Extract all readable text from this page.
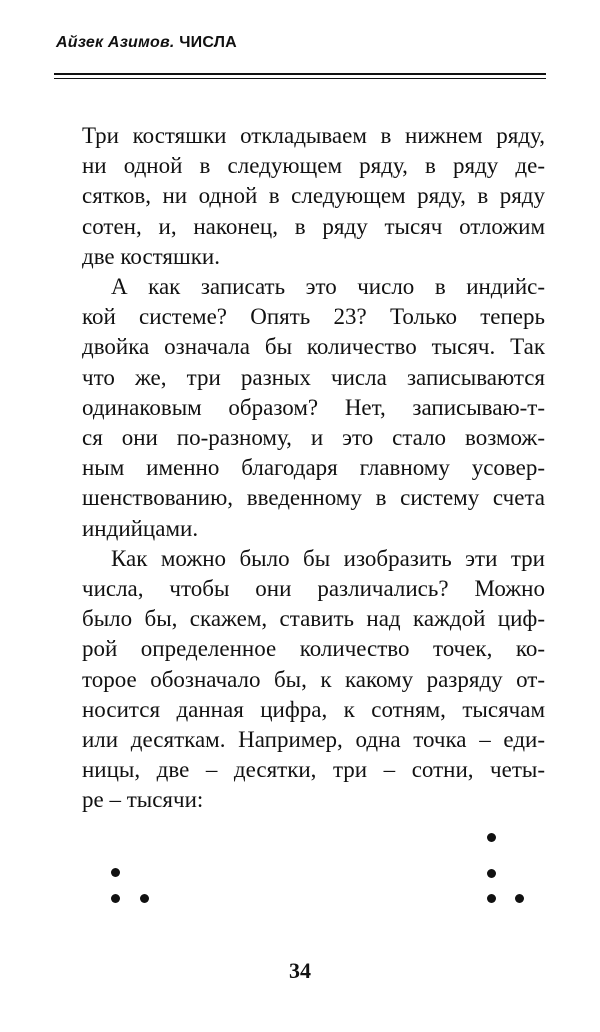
Айзек Азимов. ЧИСЛА
Три костяшки откладываем в нижнем ряду,
ни одной в следующем ряду, в ряду де-
сятков, ни одной в следующем ряду, в ряду
сотен, и, наконец, в ряду тысяч отложим
две костяшки.
А как записать это число в индийс-
кой системе? Опять 23? Только теперь
двойка означала бы количество тысяч. Так
что же, три разных числа записываются
одинаковым образом? Нет, записываю-т-
ся они по-разному, и это стало возмож-
ным именно благодаря главному усовер-
шенствованию, введенному в систему счета
индийцами.
Как можно было бы изобразить эти три
числа, чтобы они различались? Можно
было бы, скажем, ставить над каждой циф-
рой определенное количество точек, ко-
торое обозначало бы, к какому разряду от-
носится данная цифра, к сотням, тысячам
или десяткам. Например, одна точка – еди-
ницы, две – десятки, три – сотни, четы-
ре – тысячи:
34
